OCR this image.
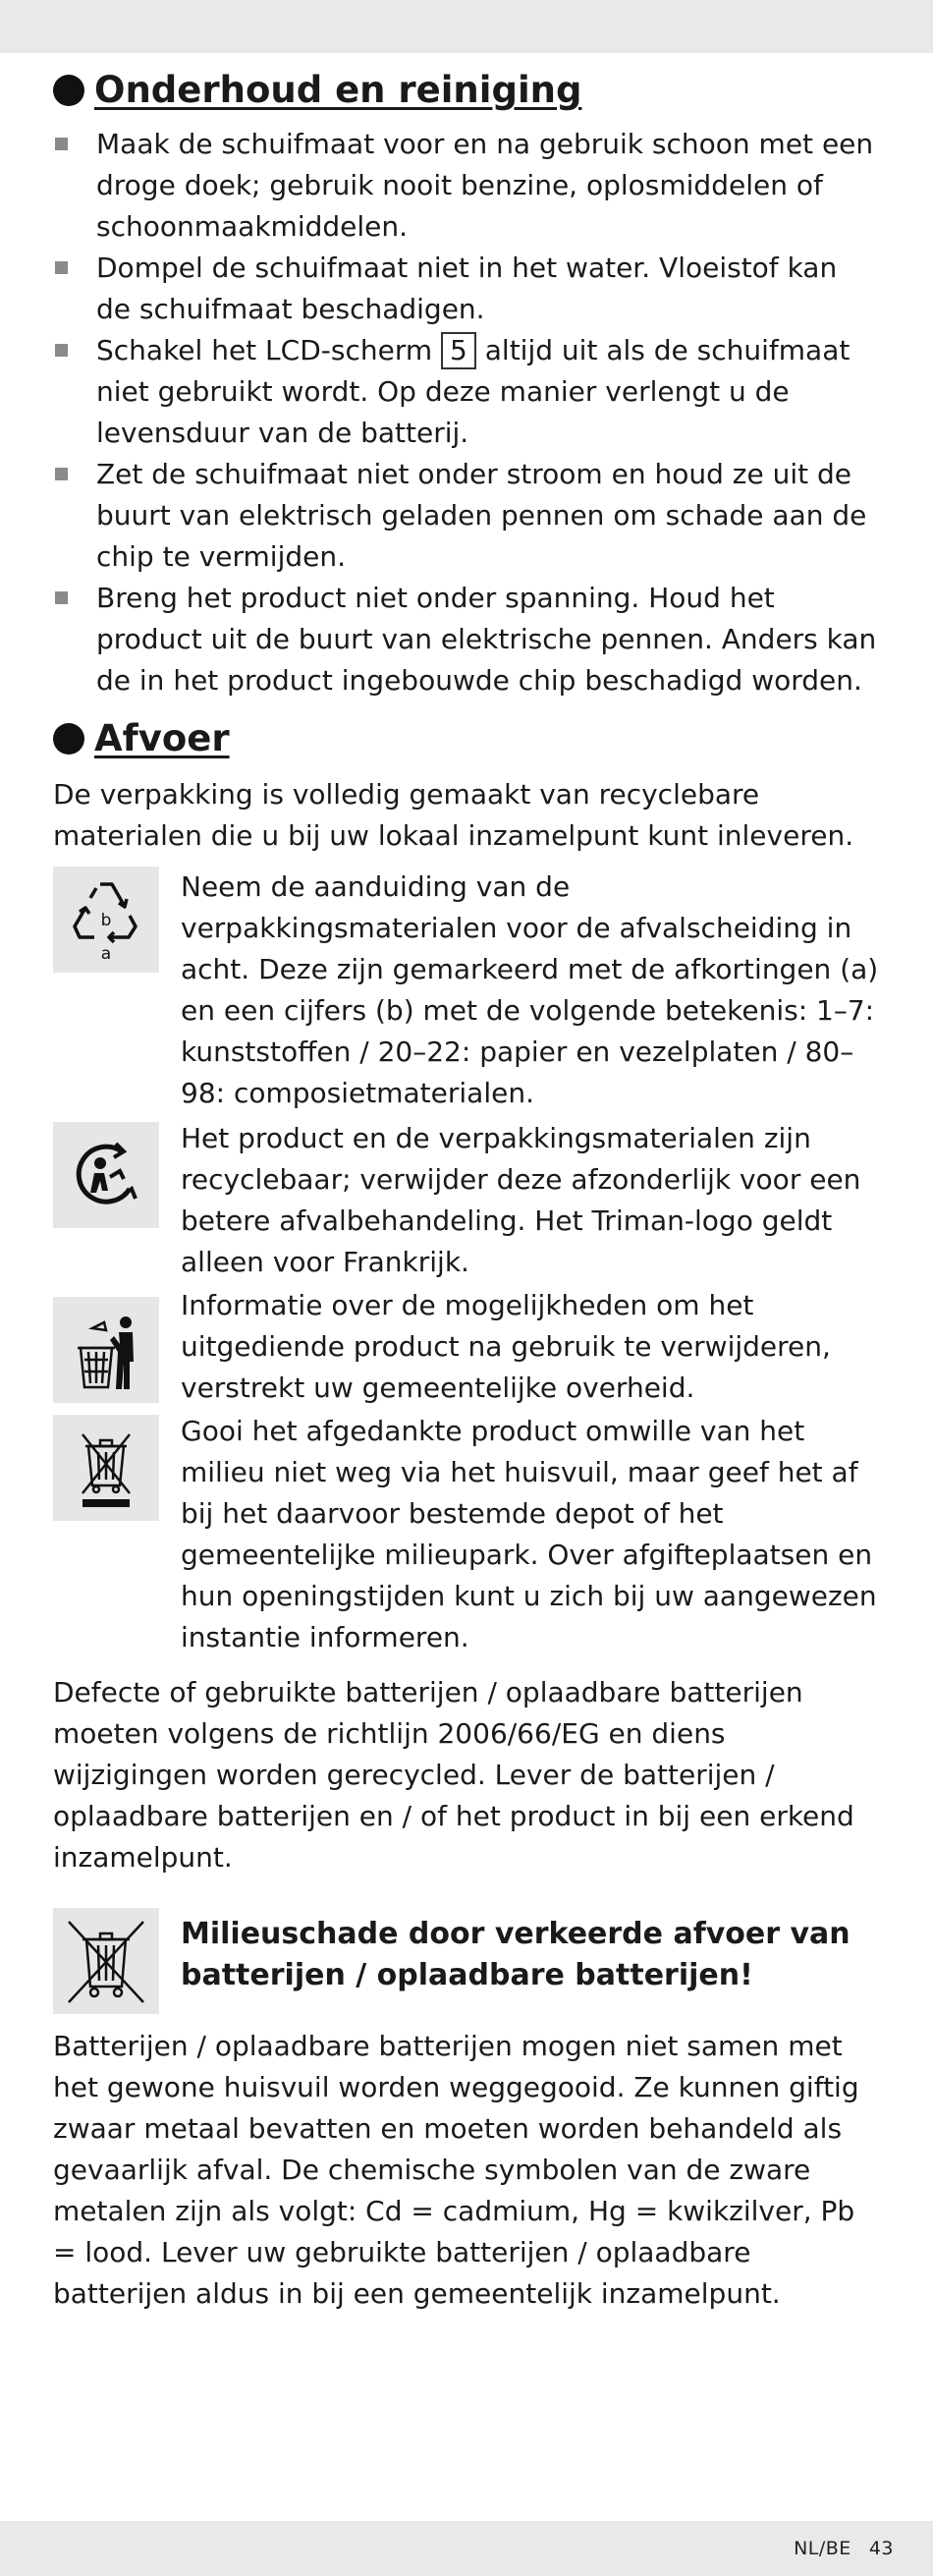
Onderhoud en reiniging
Maak de schuifmaat voor en na gebruik schoon met een droge doek; gebruik nooit benzine, oplosmiddelen of schoonmaakmiddelen.
Dompel de schuifmaat niet in het water. Vloeistof kan de schuifmaat beschadigen.
Schakel het LCD-scherm 5 altijd uit als de schuifmaat niet gebruikt wordt. Op deze manier verlengt u de levensduur van de batterij.
Zet de schuifmaat niet onder stroom en houd ze uit de buurt van elektrisch geladen pennen om schade aan de chip te vermijden.
Breng het product niet onder spanning. Houd het product uit de buurt van elektrische pennen. Anders kan de in het product ingebouwde chip beschadigd worden.
Afvoer

De verpakking is volledig gemaakt van recyclebare materialen die u bij uw lokaal inzamelpunt kunt inleveren.

b
a
Neem de aanduiding van de verpakkingsmaterialen voor de afvalscheiding in acht. Deze zijn gemarkeerd met de afkortingen (a) en een cijfers (b) met de volgende betekenis: 1–7: kunststoffen / 20–22: papier en vezelplaten / 80–98: composietmaterialen.
Het product en de verpakkingsmaterialen zijn recyclebaar; verwijder deze afzonderlijk voor een betere afvalbehandeling. Het Triman-logo geldt alleen voor Frankrijk.
Informatie over de mogelijkheden om het uitgediende product na gebruik te verwijderen, verstrekt uw gemeentelijke overheid.
Gooi het afgedankte product omwille van het milieu niet weg via het huisvuil, maar geef het af bij het daarvoor bestemde depot of het gemeentelijke milieupark. Over afgifteplaatsen en hun openingstijden kunt u zich bij uw aangewezen instantie informeren.

Defecte of gebruikte batterijen / oplaadbare batterijen moeten volgens de richtlijn 2006/66/EG en diens wijzigingen worden gerecycled. Lever de batterijen / oplaadbare batterijen en / of het product in bij een erkend inzamelpunt.

Milieuschade door verkeerde afvoer van batterijen / oplaadbare batterijen!

Batterijen / oplaadbare batterijen mogen niet samen met het gewone huisvuil worden weggegooid. Ze kunnen giftig zwaar metaal bevatten en moeten worden behandeld als gevaarlijk afval. De chemische symbolen van de zware metalen zijn als volgt: Cd = cadmium, Hg = kwikzilver, Pb = lood. Lever uw gebruikte batterijen / oplaadbare batterijen aldus in bij een gemeentelijk inzamelpunt.

NL/BE 43
